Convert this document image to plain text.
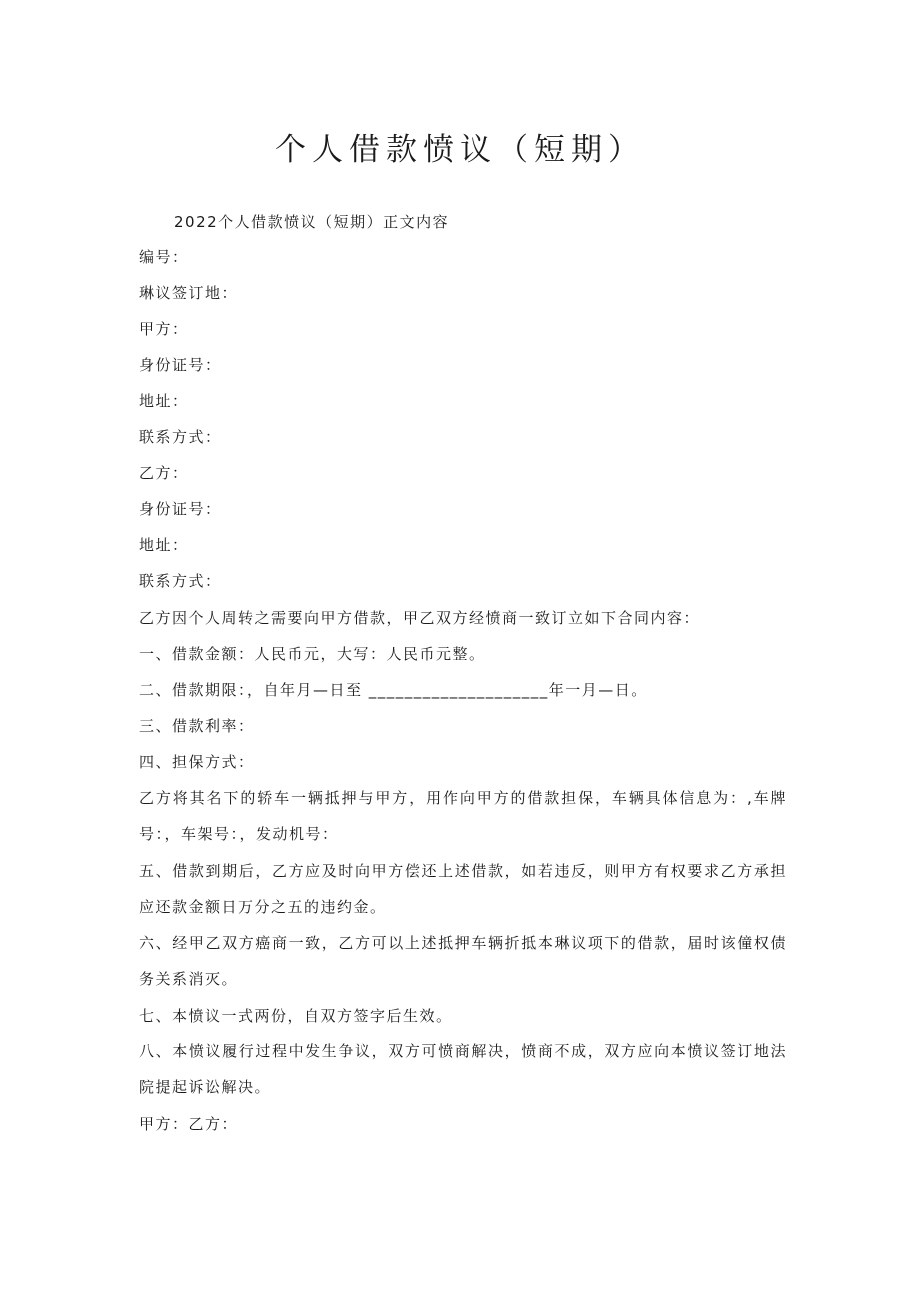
个人借款愤议（短期）
2022个人借款愤议（短期）正文内容
编号：
琳议签订地：
甲方：
身份证号：
地址：
联系方式：
乙方：
身份证号：
地址：
联系方式：
乙方因个人周转之需要向甲方借款，甲乙双方经愤商一致订立如下合同内容：
一、借款金额：人民币元，大写：人民币元整。
二、借款期限：，自年月—日至 ____________________年一月—日。
三、借款利率：
四、担保方式：
乙方将其名下的轿车一辆抵押与甲方，用作向甲方的借款担保，车辆具体信息为：,车牌号：，车架号：，发动机号：
五、借款到期后，乙方应及时向甲方偿还上述借款，如若违反，则甲方有权要求乙方承担应还款金额日万分之五的违约金。
六、经甲乙双方癌商一致，乙方可以上述抵押车辆折抵本琳议项下的借款，届时该僮权债务关系消灭。
七、本愤议一式两份，自双方签字后生效。
八、本愤议履行过程中发生争议，双方可愤商解决，愤商不成，双方应向本愤议签订地法院提起诉讼解决。
甲方：乙方：
